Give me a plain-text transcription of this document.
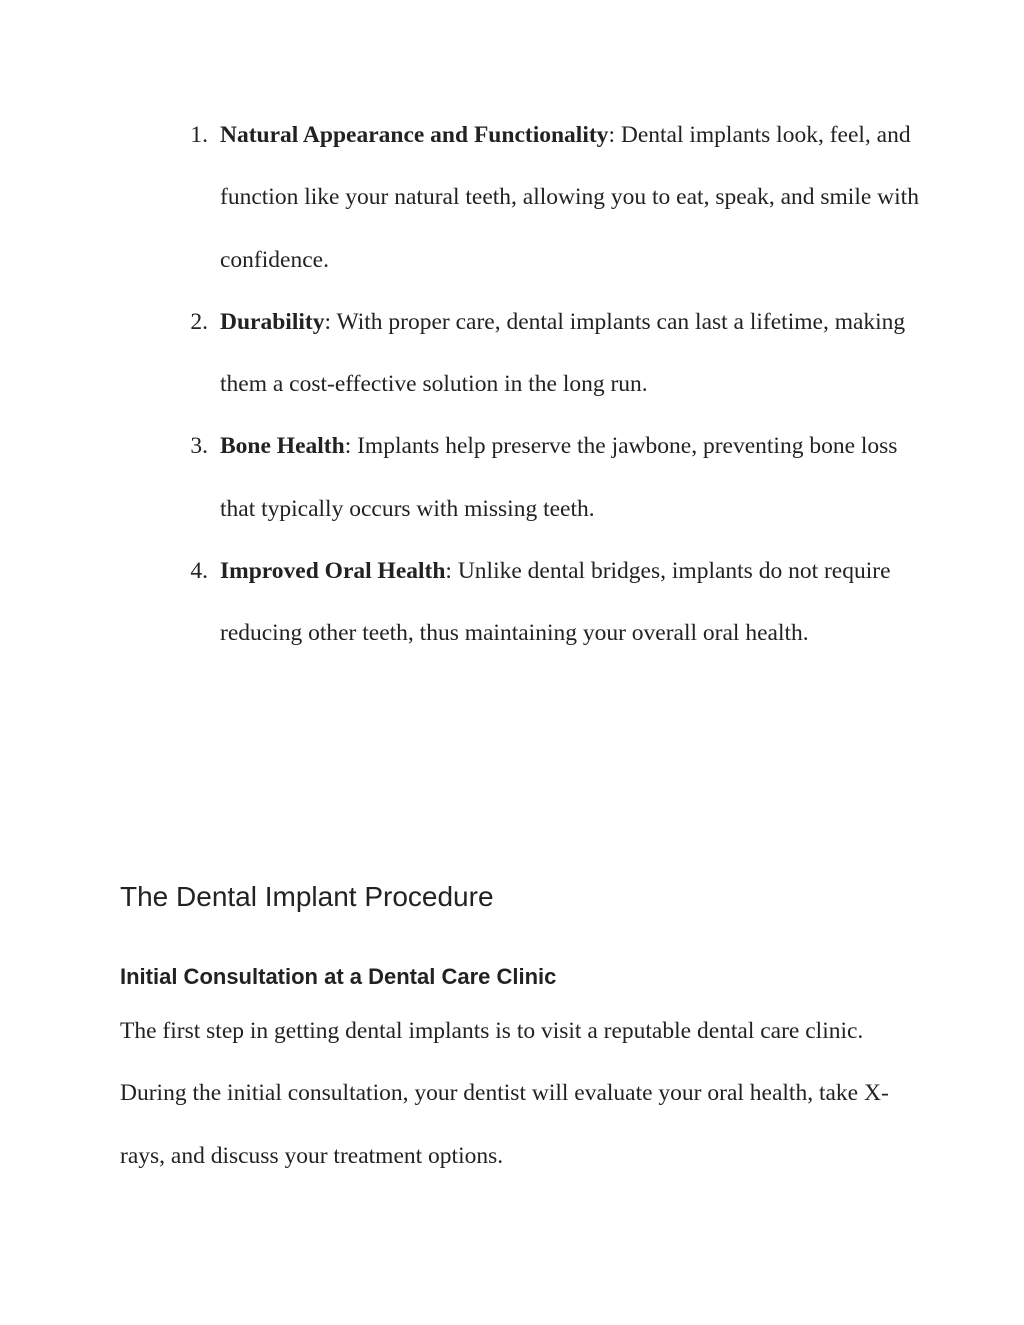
1. Natural Appearance and Functionality: Dental implants look, feel, and function like your natural teeth, allowing you to eat, speak, and smile with confidence.
2. Durability: With proper care, dental implants can last a lifetime, making them a cost-effective solution in the long run.
3. Bone Health: Implants help preserve the jawbone, preventing bone loss that typically occurs with missing teeth.
4. Improved Oral Health: Unlike dental bridges, implants do not require reducing other teeth, thus maintaining your overall oral health.
The Dental Implant Procedure
Initial Consultation at a Dental Care Clinic

The first step in getting dental implants is to visit a reputable dental care clinic. During the initial consultation, your dentist will evaluate your oral health, take X-rays, and discuss your treatment options.
